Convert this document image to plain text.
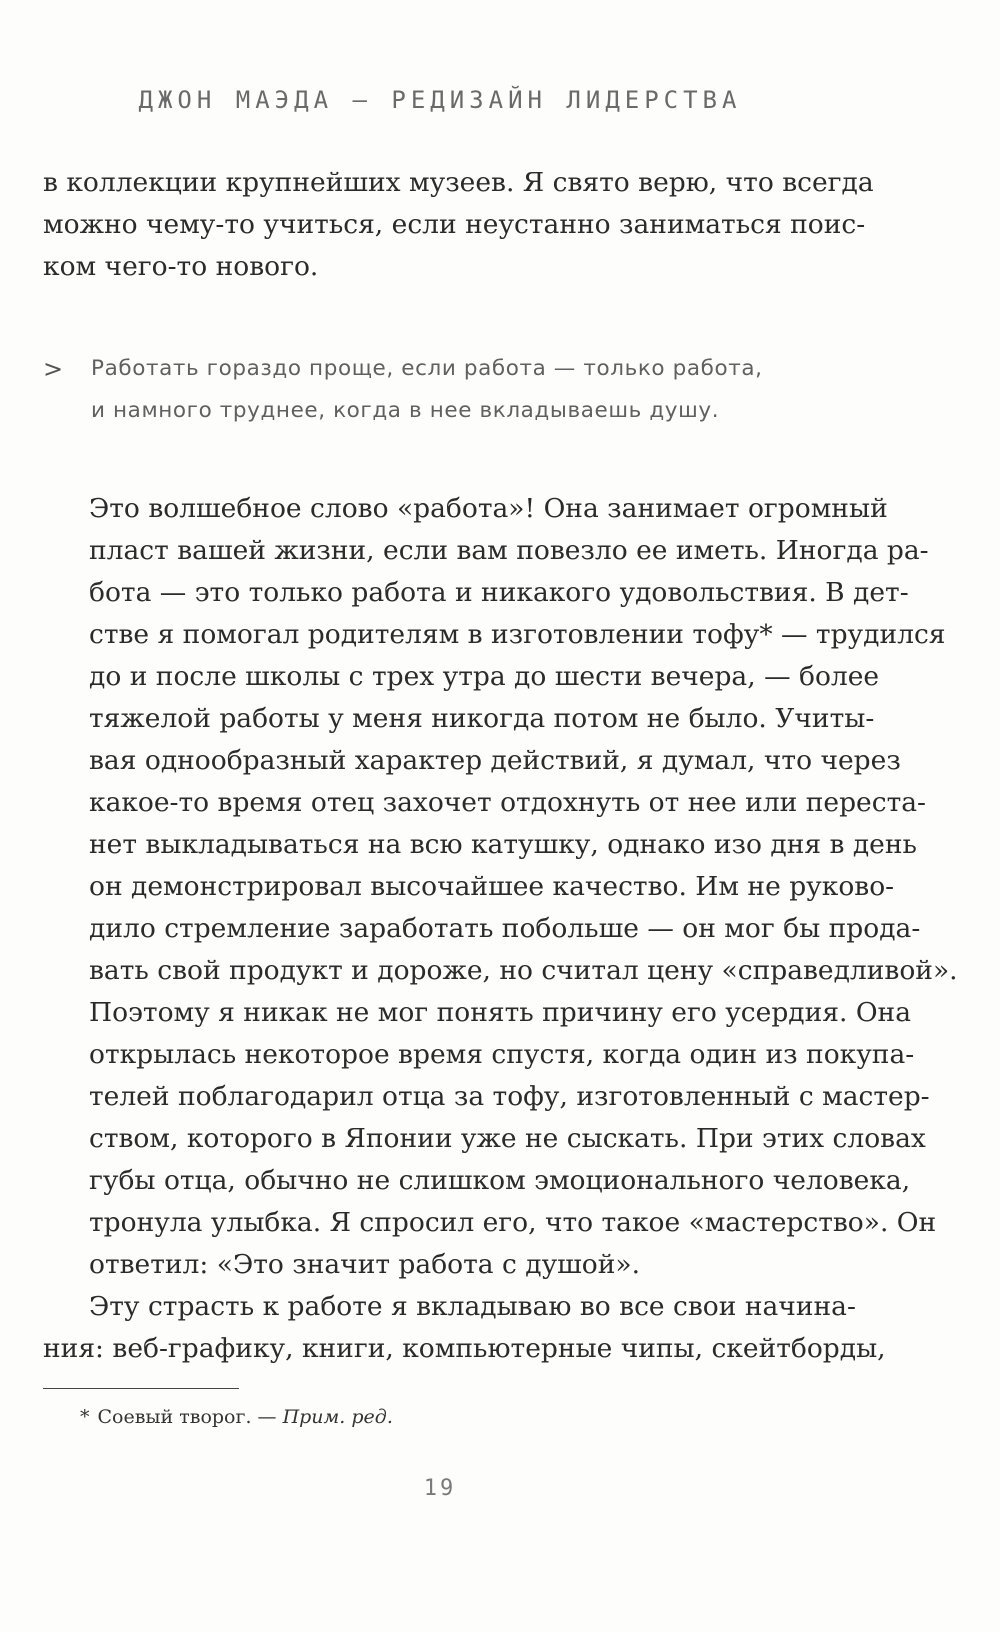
ДЖОН МАЭДА — РЕДИЗАЙН ЛИДЕРСТВА

в коллекции крупнейших музеев. Я свято верю, что всегда
можно чему-то учиться, если неустанно заниматься поис-
ком чего-то нового.

> Работать гораздо проще, если работа — только работа,
и намного труднее, когда в нее вкладываешь душу.

Это волшебное слово «работа»! Она занимает огромный
пласт вашей жизни, если вам повезло ее иметь. Иногда ра-
бота — это только работа и никакого удовольствия. В дет-
стве я помогал родителям в изготовлении тофу* — трудился
до и после школы с трех утра до шести вечера, — более
тяжелой работы у меня никогда потом не было. Учиты-
вая однообразный характер действий, я думал, что через
какое-то время отец захочет отдохнуть от нее или переста-
нет выкладываться на всю катушку, однако изо дня в день
он демонстрировал высочайшее качество. Им не руково-
дило стремление заработать побольше — он мог бы прода-
вать свой продукт и дороже, но считал цену «справедливой».
Поэтому я никак не мог понять причину его усердия. Она
открылась некоторое время спустя, когда один из покупа-
телей поблагодарил отца за тофу, изготовленный с мастер-
ством, которого в Японии уже не сыскать. При этих словах
губы отца, обычно не слишком эмоционального человека,
тронула улыбка. Я спросил его, что такое «мастерство». Он
ответил: «Это значит работа с душой».

Эту страсть к работе я вкладываю во все свои начина-
ния: веб-графику, книги, компьютерные чипы, скейтборды,

* Соевый творог. — Прим. ред.
19
